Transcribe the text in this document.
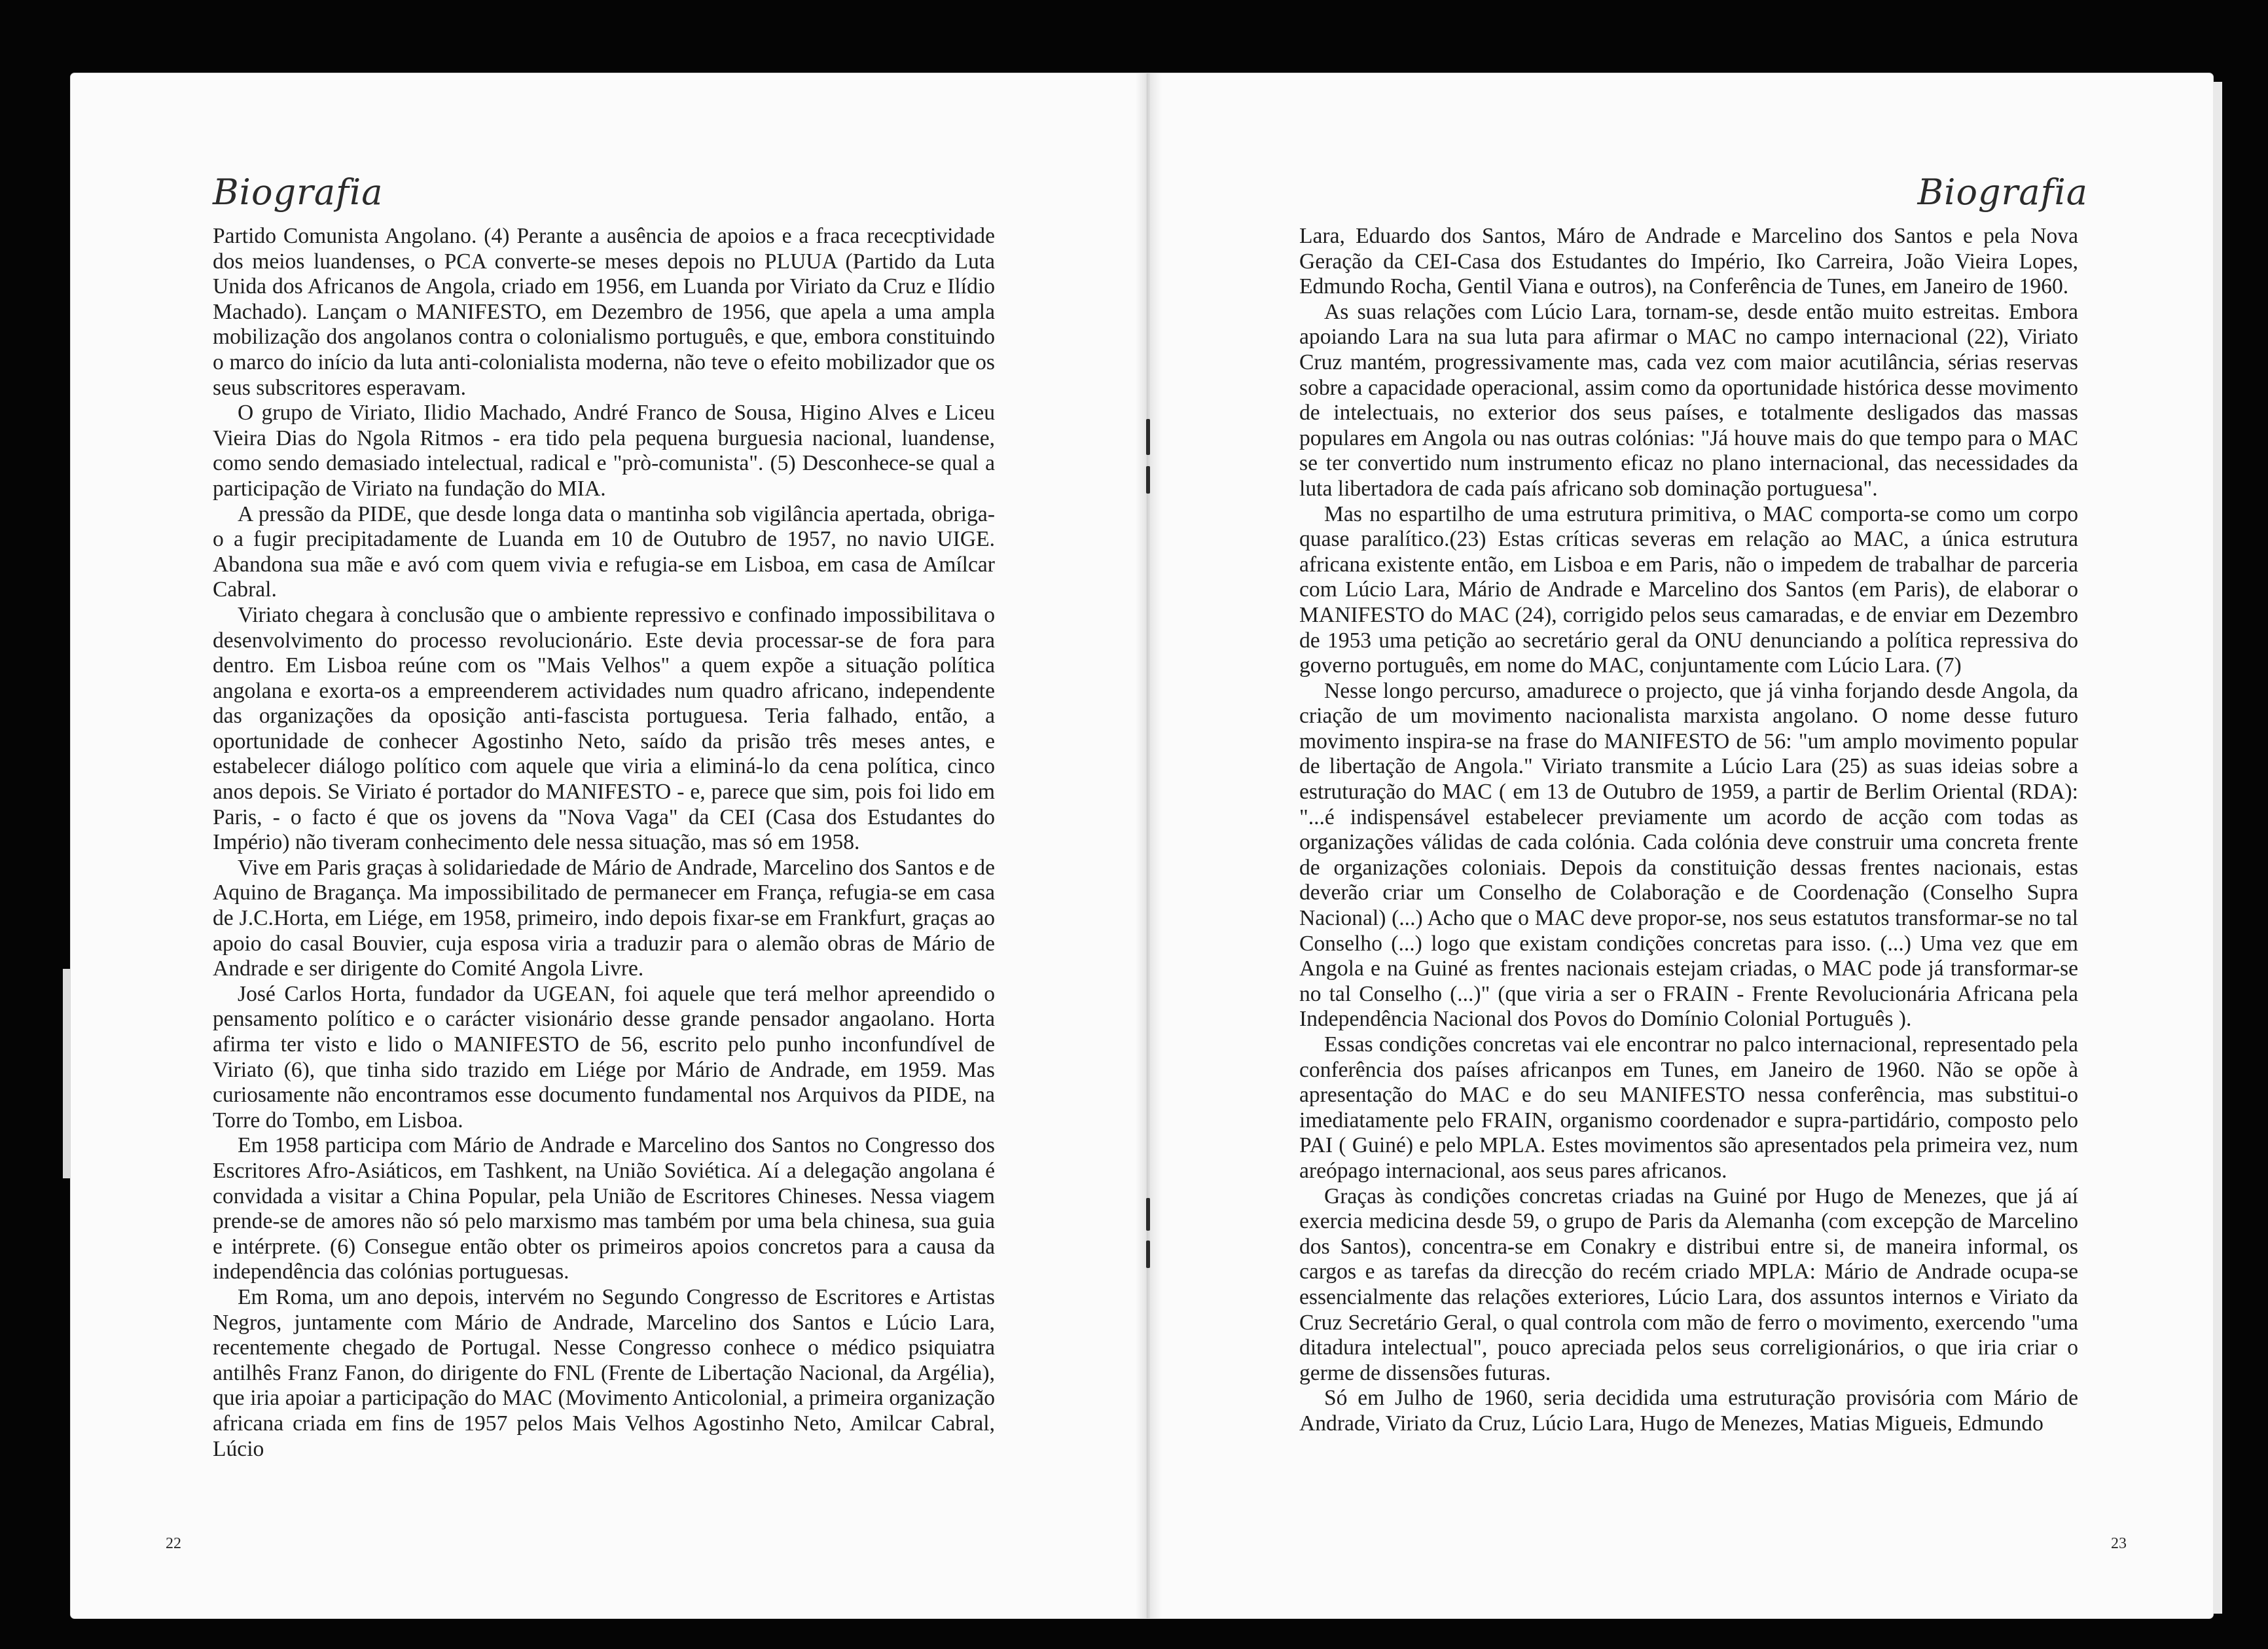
Biografia	Biografia

Partido Comunista Angolano. (4) Perante a ausência de apoios e a fraca rececptividade dos meios luandenses, o PCA converte-se meses depois no PLUUA (Partido da Luta Unida dos Africanos de Angola, criado em 1956, em Luanda por Viriato da Cruz e Ilídio Machado). Lançam o MANIFESTO, em Dezembro de 1956, que apela a uma ampla mobilização dos angolanos contra o colonialismo português, e que, embora constituindo o marco do início da luta anti-colonialista moderna, não teve o efeito mobilizador que os seus subscritores esperavam.

O grupo de Viriato, Ilidio Machado, André Franco de Sousa, Higino Alves e Liceu Vieira Dias do Ngola Ritmos - era tido pela pequena burguesia nacional, luandense, como sendo demasiado intelectual, radical e "prò-comunista". (5) Desconhece-se qual a participação de Viriato na fundação do MIA.

A pressão da PIDE, que desde longa data o mantinha sob vigilância apertada, obriga-o a fugir precipitadamente de Luanda em 10 de Outubro de 1957, no navio UIGE. Abandona sua mãe e avó com quem vivia e refugia-se em Lisboa, em casa de Amílcar Cabral.

Viriato chegara à conclusão que o ambiente repressivo e confinado impossibilitava o desenvolvimento do processo revolucionário. Este devia processar-se de fora para dentro. Em Lisboa reúne com os "Mais Velhos" a quem expõe a situação política angolana e exorta-os a empreenderem actividades num quadro africano, independente das organizações da oposição anti-fascista portuguesa. Teria falhado, então, a oportunidade de conhecer Agostinho Neto, saído da prisão três meses antes, e estabelecer diálogo político com aquele que viria a eliminá-lo da cena política, cinco anos depois. Se Viriato é portador do MANIFESTO - e, parece que sim, pois foi lido em Paris, - o facto é que os jovens da "Nova Vaga" da CEI (Casa dos Estudantes do Império) não tiveram conhecimento dele nessa situação, mas só em 1958.

Vive em Paris graças à solidariedade de Mário de Andrade, Marcelino dos Santos e de Aquino de Bragança. Ma impossibilitado de permanecer em França, refugia-se em casa de J.C.Horta, em Liége, em 1958, primeiro, indo depois fixar-se em Frankfurt, graças ao apoio do casal Bouvier, cuja esposa viria a traduzir para o alemão obras de Mário de Andrade e ser dirigente do Comité Angola Livre.

José Carlos Horta, fundador da UGEAN, foi aquele que terá melhor apreendido o pensamento político e o carácter visionário desse grande pensador angaolano. Horta afirma ter visto e lido o MANIFESTO de 56, escrito pelo punho inconfundível de Viriato (6), que tinha sido trazido em Liége por Mário de Andrade, em 1959. Mas curiosamente não encontramos esse documento fundamental nos Arquivos da PIDE, na Torre do Tombo, em Lisboa.

Em 1958 participa com Mário de Andrade e Marcelino dos Santos no Congresso dos Escritores Afro-Asiáticos, em Tashkent, na União Soviética. Aí a delegação angolana é convidada a visitar a China Popular, pela União de Escritores Chineses. Nessa viagem prende-se de amores não só pelo marxismo mas também por uma bela chinesa, sua guia e intérprete. (6) Consegue então obter os primeiros apoios concretos para a causa da independência das colónias portuguesas.

Em Roma, um ano depois, intervém no Segundo Congresso de Escritores e Artistas Negros, juntamente com Mário de Andrade, Marcelino dos Santos e Lúcio Lara, recentemente chegado de Portugal. Nesse Congresso conhece o médico psiquiatra antilhês Franz Fanon, do dirigente do FNL (Frente de Libertação Nacional, da Argélia), que iria apoiar a participação do MAC (Movimento Anticolonial, a primeira organização africana criada em fins de 1957 pelos Mais Velhos Agostinho Neto, Amilcar Cabral, Lúcio

Lara, Eduardo dos Santos, Máro de Andrade e Marcelino dos Santos e pela Nova Geração da CEI-Casa dos Estudantes do Império, Iko Carreira, João Vieira Lopes, Edmundo Rocha, Gentil Viana e outros), na Conferência de Tunes, em Janeiro de 1960.

As suas relações com Lúcio Lara, tornam-se, desde então muito estreitas. Embora apoiando Lara na sua luta para afirmar o MAC no campo internacional (22), Viriato Cruz mantém, progressivamente mas, cada vez com maior acutilância, sérias reservas sobre a capacidade operacional, assim como da oportunidade histórica desse movimento de intelectuais, no exterior dos seus países, e totalmente desligados das massas populares em Angola ou nas outras colónias: "Já houve mais do que tempo para o MAC se ter convertido num instrumento eficaz no plano internacional, das necessidades da luta libertadora de cada país africano sob dominação portuguesa".

Mas no espartilho de uma estrutura primitiva, o MAC comporta-se como um corpo quase paralítico.(23) Estas críticas severas em relação ao MAC, a única estrutura africana existente então, em Lisboa e em Paris, não o impedem de trabalhar de parceria com Lúcio Lara, Mário de Andrade e Marcelino dos Santos (em Paris), de elaborar o MANIFESTO do MAC (24), corrigido pelos seus camaradas, e de enviar em Dezembro de 1953 uma petição ao secretário geral da ONU denunciando a política repressiva do governo português, em nome do MAC, conjuntamente com Lúcio Lara. (7)

Nesse longo percurso, amadurece o projecto, que já vinha forjando desde Angola, da criação de um movimento nacionalista marxista angolano. O nome desse futuro movimento inspira-se na frase do MANIFESTO de 56: "um amplo movimento popular de libertação de Angola." Viriato transmite a Lúcio Lara (25) as suas ideias sobre a estruturação do MAC ( em 13 de Outubro de 1959, a partir de Berlim Oriental (RDA): "...é indispensável estabelecer previamente um acordo de acção com todas as organizações válidas de cada colónia. Cada colónia deve construir uma concreta frente de organizações coloniais. Depois da constituição dessas frentes nacionais, estas deverão criar um Conselho de Colaboração e de Coordenação (Conselho Supra Nacional) (...) Acho que o MAC deve propor-se, nos seus estatutos transformar-se no tal Conselho (...) logo que existam condições concretas para isso. (...) Uma vez que em Angola e na Guiné as frentes nacionais estejam criadas, o MAC pode já transformar-se no tal Conselho (...)" (que viria a ser o FRAIN - Frente Revolucionária Africana pela Independência Nacional dos Povos do Domínio Colonial Português ).

Essas condições concretas vai ele encontrar no palco internacional, representado pela conferência dos países africanpos em Tunes, em Janeiro de 1960. Não se opõe à apresentação do MAC e do seu MANIFESTO nessa conferência, mas substitui-o imediatamente pelo FRAIN, organismo coordenador e supra-partidário, composto pelo PAI ( Guiné) e pelo MPLA. Estes movimentos são apresentados pela primeira vez, num areópago internacional, aos seus pares africanos.

Graças às condições concretas criadas na Guiné por Hugo de Menezes, que já aí exercia medicina desde 59, o grupo de Paris da Alemanha (com excepção de Marcelino dos Santos), concentra-se em Conakry e distribui entre si, de maneira informal, os cargos e as tarefas da direcção do recém criado MPLA: Mário de Andrade ocupa-se essencialmente das relações exteriores, Lúcio Lara, dos assuntos internos e Viriato da Cruz Secretário Geral, o qual controla com mão de ferro o movimento, exercendo "uma ditadura intelectual", pouco apreciada pelos seus correligionários, o que iria criar o germe de dissensões futuras.

Só em Julho de 1960, seria decidida uma estruturação provisória com Mário de Andrade, Viriato da Cruz, Lúcio Lara, Hugo de Menezes, Matias Migueis, Edmundo

22	23
